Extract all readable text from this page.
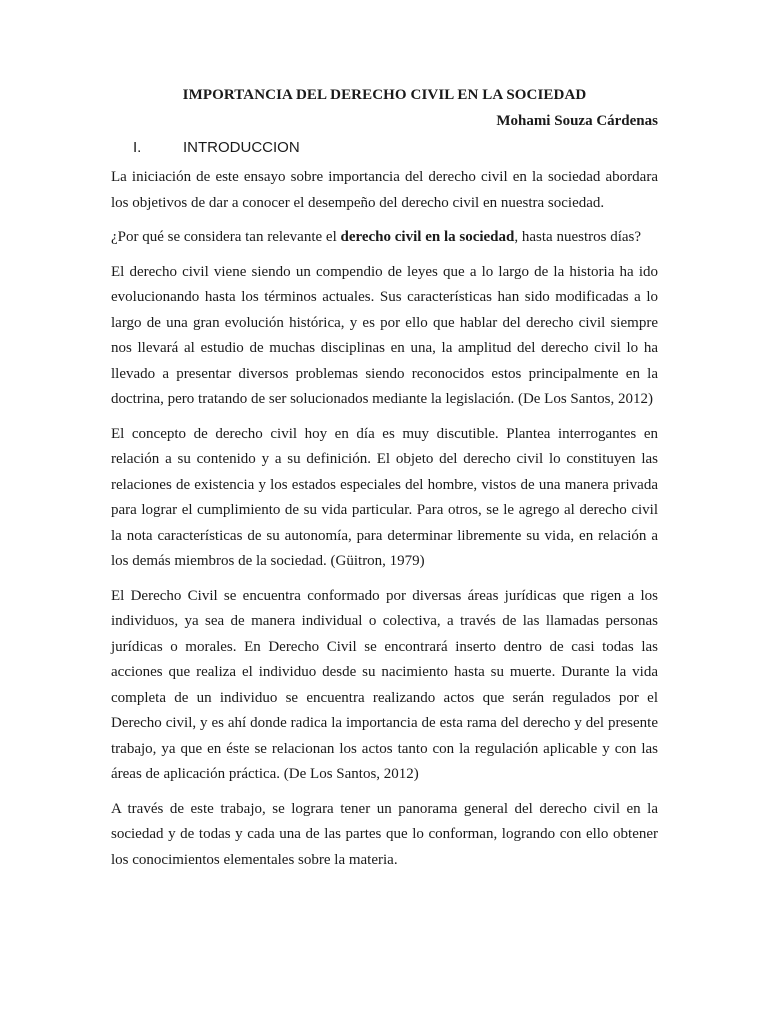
IMPORTANCIA DEL DERECHO CIVIL EN LA SOCIEDAD
Mohami Souza Cárdenas
I.	INTRODUCCION

La iniciación de este ensayo sobre importancia del derecho civil en la sociedad abordara los objetivos de dar a conocer el desempeño del derecho civil en nuestra sociedad.

¿Por qué se considera tan relevante el derecho civil en la sociedad, hasta nuestros días?

El derecho civil viene siendo un compendio de leyes que a lo largo de la historia ha ido evolucionando hasta los términos actuales. Sus características han sido modificadas a lo largo de una gran evolución histórica, y es por ello que hablar del derecho civil siempre nos llevará al estudio de muchas disciplinas en una, la amplitud del derecho civil lo ha llevado a presentar diversos problemas siendo reconocidos estos principalmente en la doctrina, pero tratando de ser solucionados mediante la legislación. (De Los Santos, 2012)

El concepto de derecho civil hoy en día es muy discutible. Plantea interrogantes en relación a su contenido y a su definición. El objeto del derecho civil lo constituyen las relaciones de existencia y los estados especiales del hombre, vistos de una manera privada para lograr el cumplimiento de su vida particular. Para otros, se le agrego al derecho civil la nota características de su autonomía, para determinar libremente su vida, en relación a los demás miembros de la sociedad. (Güitron, 1979)

El Derecho Civil se encuentra conformado por diversas áreas jurídicas que rigen a los individuos, ya sea de manera individual o colectiva, a través de las llamadas personas jurídicas o morales. En Derecho Civil se encontrará inserto dentro de casi todas las acciones que realiza el individuo desde su nacimiento hasta su muerte. Durante la vida completa de un individuo se encuentra realizando actos que serán regulados por el Derecho civil, y es ahí donde radica la importancia de esta rama del derecho y del presente trabajo, ya que en éste se relacionan los actos tanto con la regulación aplicable y con las áreas de aplicación práctica. (De Los Santos, 2012)

A través de este trabajo, se lograra tener un panorama general del derecho civil en la sociedad y de todas y cada una de las partes que lo conforman, logrando con ello obtener los conocimientos elementales sobre la materia.
